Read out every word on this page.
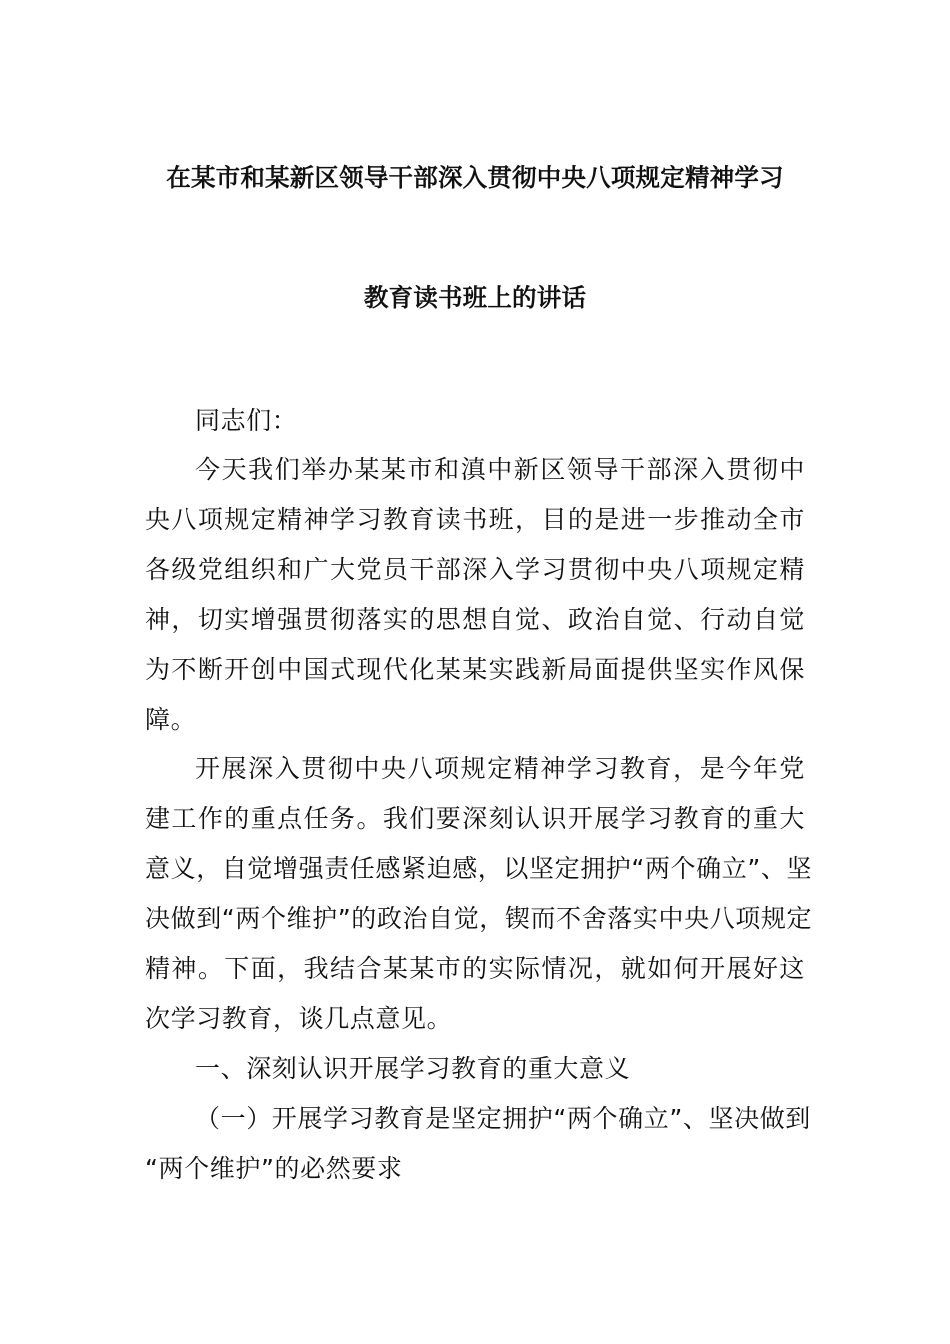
在某市和某新区领导干部深入贯彻中央八项规定精神学习
教育读书班上的讲话
同志们：
今天我们举办某某市和滇中新区领导干部深入贯彻中
央八项规定精神学习教育读书班，目的是进一步推动全市
各级党组织和广大党员干部深入学习贯彻中央八项规定精
神，切实增强贯彻落实的思想自觉、政治自觉、行动自觉
为不断开创中国式现代化某某实践新局面提供坚实作风保
障。
开展深入贯彻中央八项规定精神学习教育，是今年党
建工作的重点任务。我们要深刻认识开展学习教育的重大
意义，自觉增强责任感紧迫感，以坚定拥护“两个确立”、坚
决做到“两个维护”的政治自觉，锲而不舍落实中央八项规定
精神。下面，我结合某某市的实际情况，就如何开展好这
次学习教育，谈几点意见。
一、深刻认识开展学习教育的重大意义
（一）开展学习教育是坚定拥护“两个确立”、坚决做到
“两个维护”的必然要求
